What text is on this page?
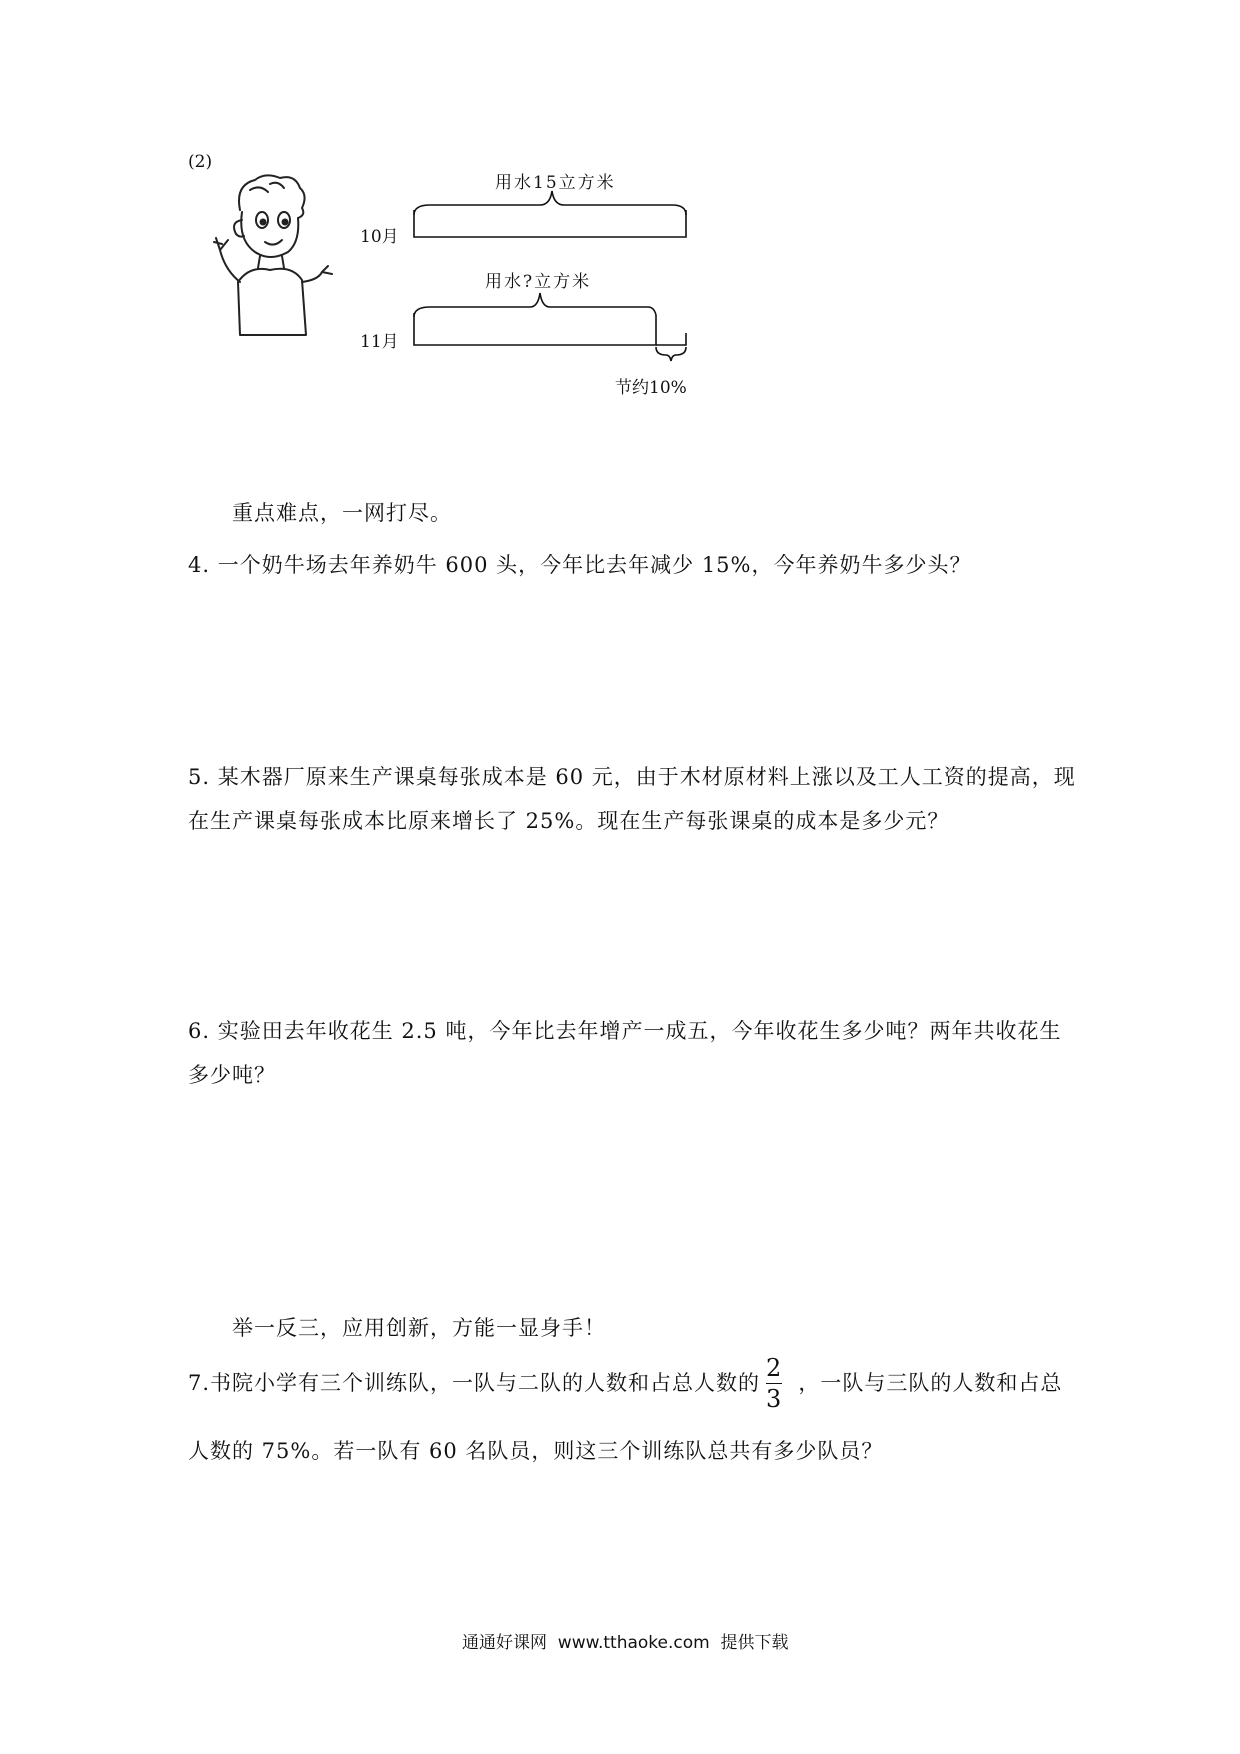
(2)
10月
用水15立方米
11月
用水?立方米
节约10%
重点难点，一网打尽。
4. 一个奶牛场去年养奶牛 600 头，今年比去年减少 15%，今年养奶牛多少头？
5. 某木器厂原来生产课桌每张成本是 60 元，由于木材原材料上涨以及工人工资的提高，现
在生产课桌每张成本比原来增长了 25%。现在生产每张课桌的成本是多少元？
6. 实验田去年收花生 2.5 吨，今年比去年增产一成五，今年收花生多少吨？两年共收花生
多少吨？
举一反三，应用创新，方能一显身手！
7.书院小学有三个训练队，一队与二队的人数和占总人数的 $\frac{2}{3}$ ，一队与三队的人数和占总
人数的 75%。若一队有 60 名队员，则这三个训练队总共有多少队员？
通通好课网  www.tthaoke.com  提供下载
